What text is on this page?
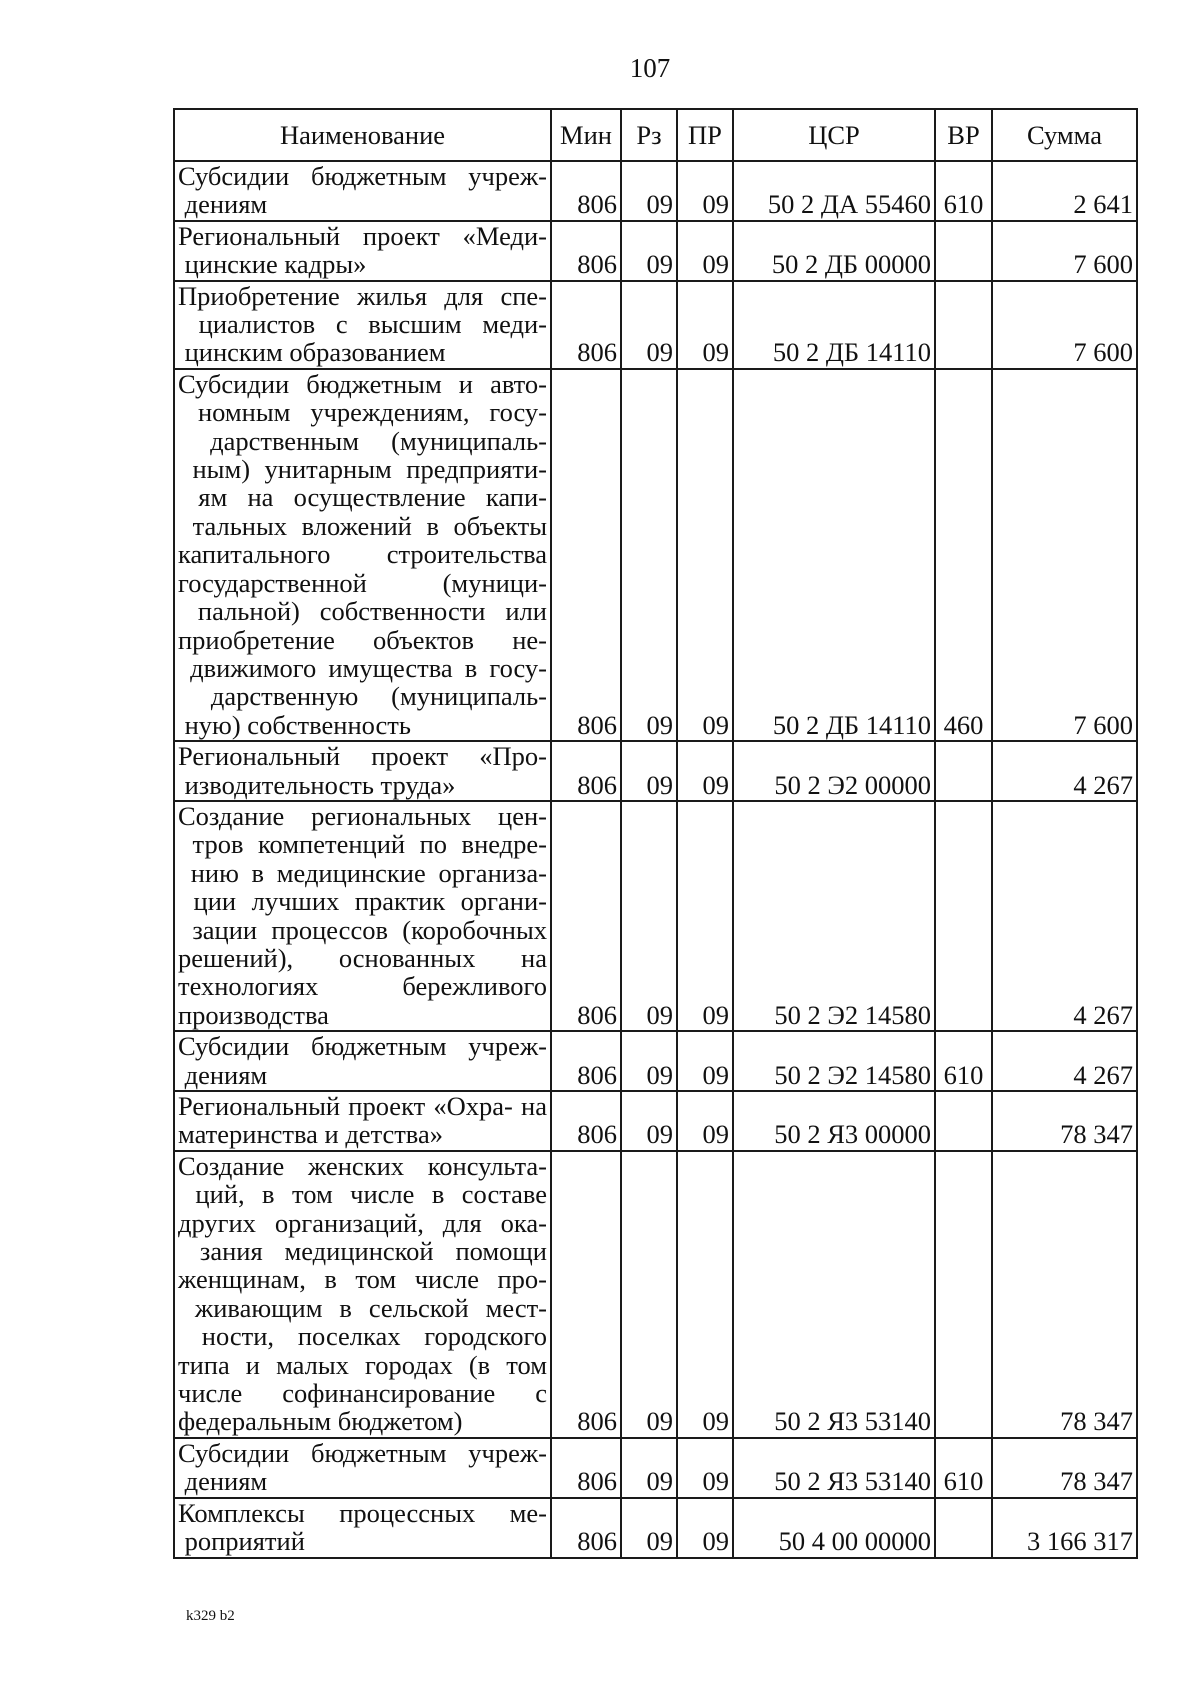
107
Наименование	Мин	Рз	ПР	ЦСР	ВР	Сумма
Субсидии бюджетным учреж- дениям	806	09	09	50 2 ДА 55460	610	2 641
Региональный проект «Меди- цинские кадры»	806	09	09	50 2 ДБ 00000		7 600
Приобретение жилья для спе- циалистов с высшим меди- цинским образованием	806	09	09	50 2 ДБ 14110		7 600
Субсидии бюджетным и авто- номным учреждениям, госу- дарственным (муниципаль- ным) унитарным предприяти- ям на осуществление капи- тальных вложений в объекты капитального строительства государственной (муници- пальной) собственности или приобретение объектов не- движимого имущества в госу- дарственную (муниципаль- ную) собственность	806	09	09	50 2 ДБ 14110	460	7 600
Региональный проект «Про- изводительность труда»	806	09	09	50 2 Э2 00000		4 267
Создание региональных цен- тров компетенций по внедре- нию в медицинские организа- ции лучших практик органи- зации процессов (коробочных решений), основанных на технологиях бережливого производства	806	09	09	50 2 Э2 14580		4 267
Субсидии бюджетным учреж- дениям	806	09	09	50 2 Э2 14580	610	4 267
Региональный проект «Охра- на материнства и детства»	806	09	09	50 2 Я3 00000		78 347
Создание женских консульта- ций, в том числе в составе других организаций, для ока- зания медицинской помощи женщинам, в том числе про- живающим в сельской мест- ности, поселках городского типа и малых городах (в том числе софинансирование с федеральным бюджетом)	806	09	09	50 2 Я3 53140		78 347
Субсидии бюджетным учреж- дениям	806	09	09	50 2 Я3 53140	610	78 347
Комплексы процессных ме- роприятий	806	09	09	50 4 00 00000		3 166 317
k329 b2
